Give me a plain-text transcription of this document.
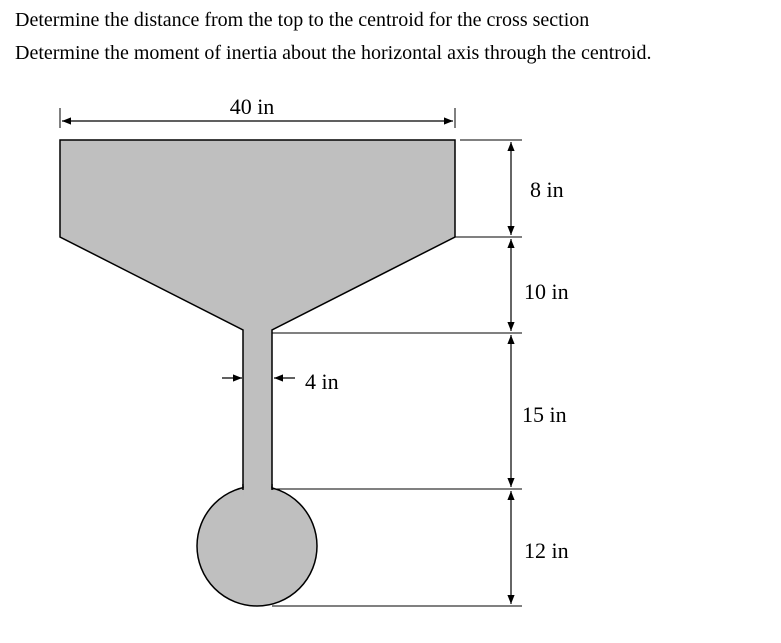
Determine the distance from the top to the centroid for the cross section
Determine the moment of inertia about the horizontal axis through the centroid.
40 in
4 in
8 in
10 in
15 in
12 in
